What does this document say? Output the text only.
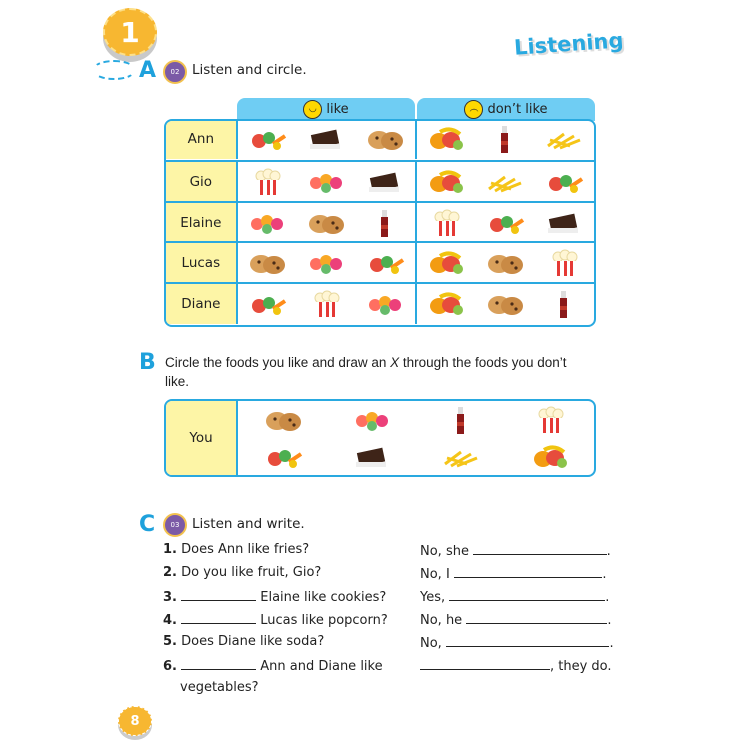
1	Listening
A 02 Listen and circle.
◡ like	︵ don’t like
Ann
Gio
Elaine
Lucas
Diane
B Circle the foods you like and draw an X through the foods you don’t
like.
You
C 03 Listen and write.
1. Does Ann like fries?	No, she	.
2. Do you like fruit, Gio?	No, I	.
3.	Elaine like cookies?	Yes,	.
4.	Lucas like popcorn? No, he	.
5. Does Diane like soda?	No,	.
6.	Ann and Diane like	, they do.
vegetables?
8
